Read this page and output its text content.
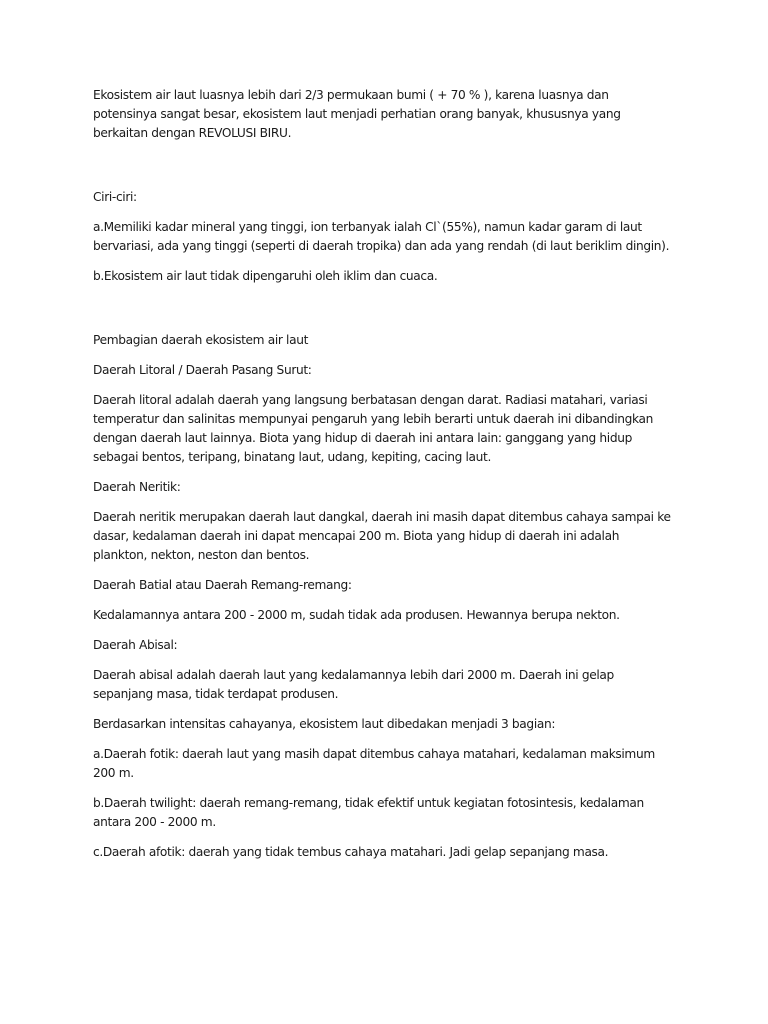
Ekosistem air laut luasnya lebih dari 2/3 permukaan bumi ( + 70 % ), karena luasnya dan potensinya sangat besar, ekosistem laut menjadi perhatian orang banyak, khususnya yang berkaitan dengan REVOLUSI BIRU.

Ciri-ciri:

a.Memiliki kadar mineral yang tinggi, ion terbanyak ialah Cl`(55%), namun kadar garam di laut bervariasi, ada yang tinggi (seperti di daerah tropika) dan ada yang rendah (di laut beriklim dingin).

b.Ekosistem air laut tidak dipengaruhi oleh iklim dan cuaca.

Pembagian daerah ekosistem air laut

Daerah Litoral / Daerah Pasang Surut:

Daerah litoral adalah daerah yang langsung berbatasan dengan darat. Radiasi matahari, variasi temperatur dan salinitas mempunyai pengaruh yang lebih berarti untuk daerah ini dibandingkan dengan daerah laut lainnya. Biota yang hidup di daerah ini antara lain: ganggang yang hidup sebagai bentos, teripang, binatang laut, udang, kepiting, cacing laut.

Daerah Neritik:

Daerah neritik merupakan daerah laut dangkal, daerah ini masih dapat ditembus cahaya sampai ke dasar, kedalaman daerah ini dapat mencapai 200 m. Biota yang hidup di daerah ini adalah plankton, nekton, neston dan bentos.

Daerah Batial atau Daerah Remang-remang:

Kedalamannya antara 200 - 2000 m, sudah tidak ada produsen. Hewannya berupa nekton.

Daerah Abisal:

Daerah abisal adalah daerah laut yang kedalamannya lebih dari 2000 m. Daerah ini gelap sepanjang masa, tidak terdapat produsen.

Berdasarkan intensitas cahayanya, ekosistem laut dibedakan menjadi 3 bagian:

a.Daerah fotik: daerah laut yang masih dapat ditembus cahaya matahari, kedalaman maksimum 200 m.

b.Daerah twilight: daerah remang-remang, tidak efektif untuk kegiatan fotosintesis, kedalaman antara 200 - 2000 m.

c.Daerah afotik: daerah yang tidak tembus cahaya matahari. Jadi gelap sepanjang masa.
